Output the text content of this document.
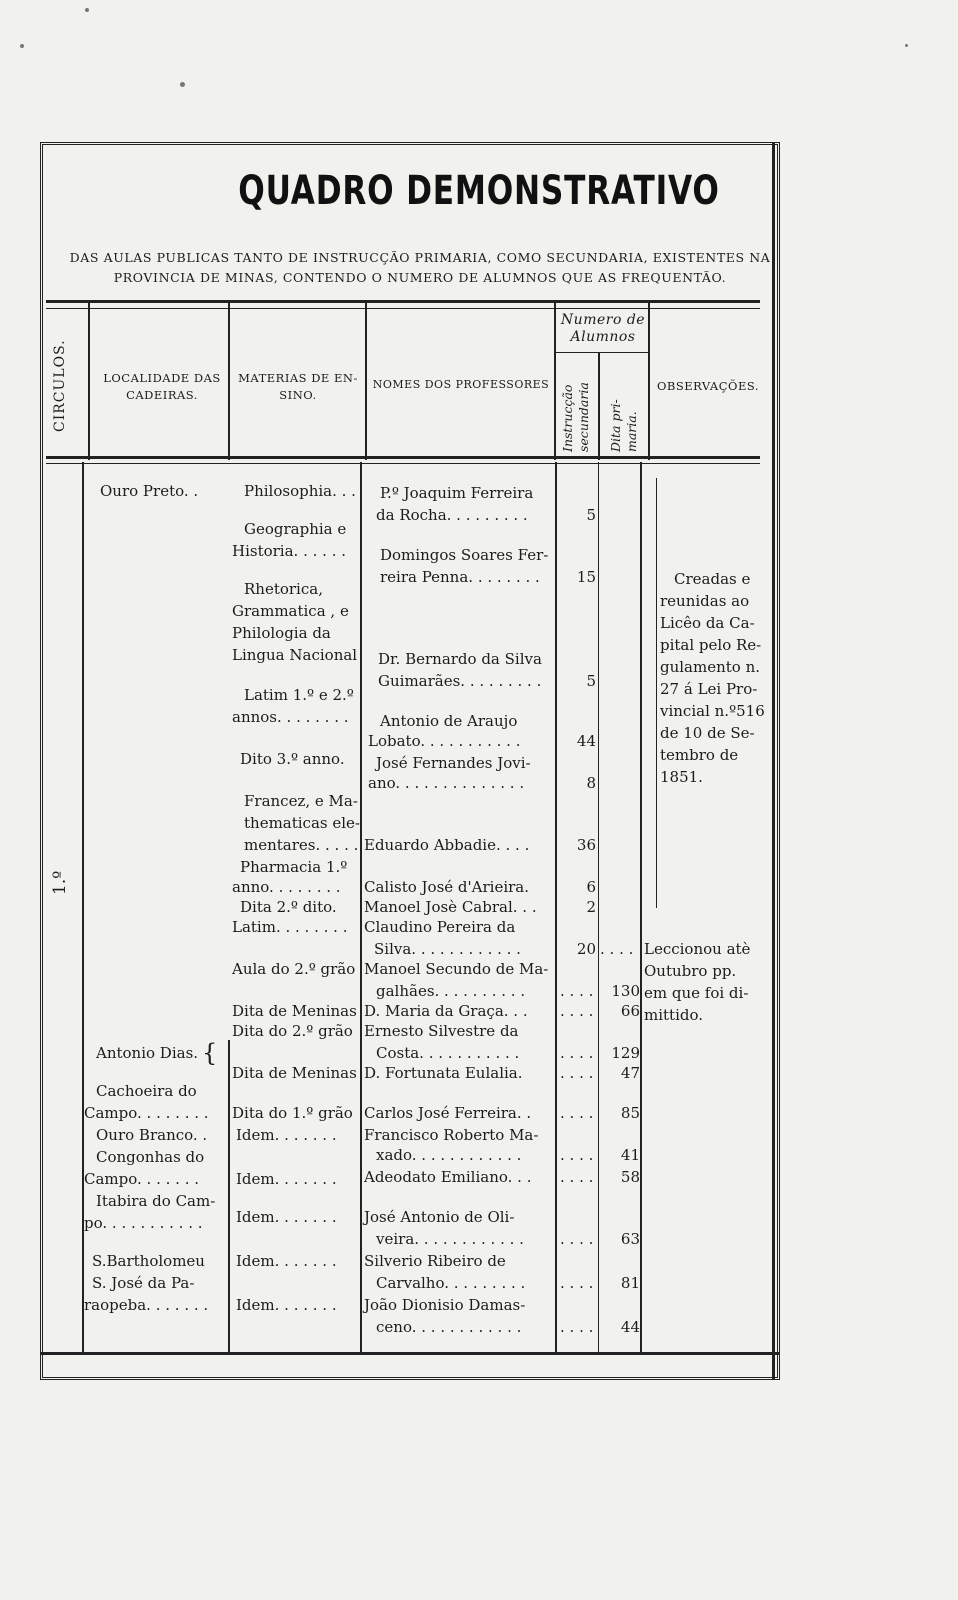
QUADRO DEMONSTRATIVO
DAS AULAS PUBLICAS TANTO DE INSTRUCÇÃO PRIMARIA, COMO SECUNDARIA, EXISTENTES NA
PROVINCIA DE MINAS, CONTENDO O NUMERO DE ALUMNOS QUE AS FREQUENTÃO.
CIRCULOS.	LOCALIDADE DAS
CADEIRAS.
MATERIAS DE EN-
SINO.
NOMES DOS PROFESSORES
Numero de
Alumnos
Instrucção secundaria Dita pri- maria.
OBSERVAÇÕES.
1.º
Ouro Preto. .
Antonio Dias. {
Cachoeira do
Campo. . . . . . . .
Ouro Branco. .
Congonhas do
Campo. . . . . . .
Itabira do Cam-
po. . . . . . . . . . .
S.Bartholomeu
S. José da Pa-
raopeba. . . . . . .
Philosophia. . .
Geographia e
Historia. . . . . .
Rhetorica,
Grammatica , e
Philologia da
Lingua Nacional
Latim 1.º e 2.º
annos. . . . . . . .
Dito 3.º anno.
Francez, e Ma-
thematicas ele-
mentares. . . . .
Pharmacia 1.º
anno. . . . . . . .
Dita 2.º dito.
Latim. . . . . . . .
Aula do 2.º grão
Dita de Meninas
Dita do 2.º grão
Dita de Meninas
Dita do 1.º grão
Idem. . . . . . .
Idem. . . . . . .
Idem. . . . . . .
Idem. . . . . . .
Idem. . . . . . .
P.º Joaquim Ferreira
da Rocha. . . . . . . . .
Domingos Soares Fer-
reira Penna. . . . . . . .
Dr. Bernardo da Silva
Guimarães. . . . . . . . .
Antonio de Araujo
Lobato. . . . . . . . . . .
José Fernandes Jovi-
ano. . . . . . . . . . . . . .
Eduardo Abbadie. . . .
Calisto José d'Arieira.
Manoel Josè Cabral. . .
Claudino Pereira da
Silva. . . . . . . . . . . .
Manoel Secundo de Ma-
galhães. . . . . . . . . .
D. Maria da Graça. . .
Ernesto Silvestre da
Costa. . . . . . . . . . .
D. Fortunata Eulalia.
Carlos José Ferreira. .
Francisco Roberto Ma-
xado. . . . . . . . . . . .
Adeodato Emiliano. . .
José Antonio de Oli-
veira. . . . . . . . . . . .
Silverio Ribeiro de
Carvalho. . . . . . . . .
João Dionisio Damas-
ceno. . . . . . . . . . . .
5
15
5
44
8
36
6
2
20 . . . .
. . . .
. . . .
. . . .
. . . .
. . . .
. . . .
. . . .
. . . .
. . . .
. . . .
130
66
129
47
85
41
58
63
81
44
Creadas e
reunidas ao
Licêo da Ca-
pital pelo Re-
gulamento n.
27 á Lei Pro-
vincial n.º516
de 10 de Se-
tembro de
1851.
Leccionou atè
Outubro pp.
em que foi di-
mittido.
